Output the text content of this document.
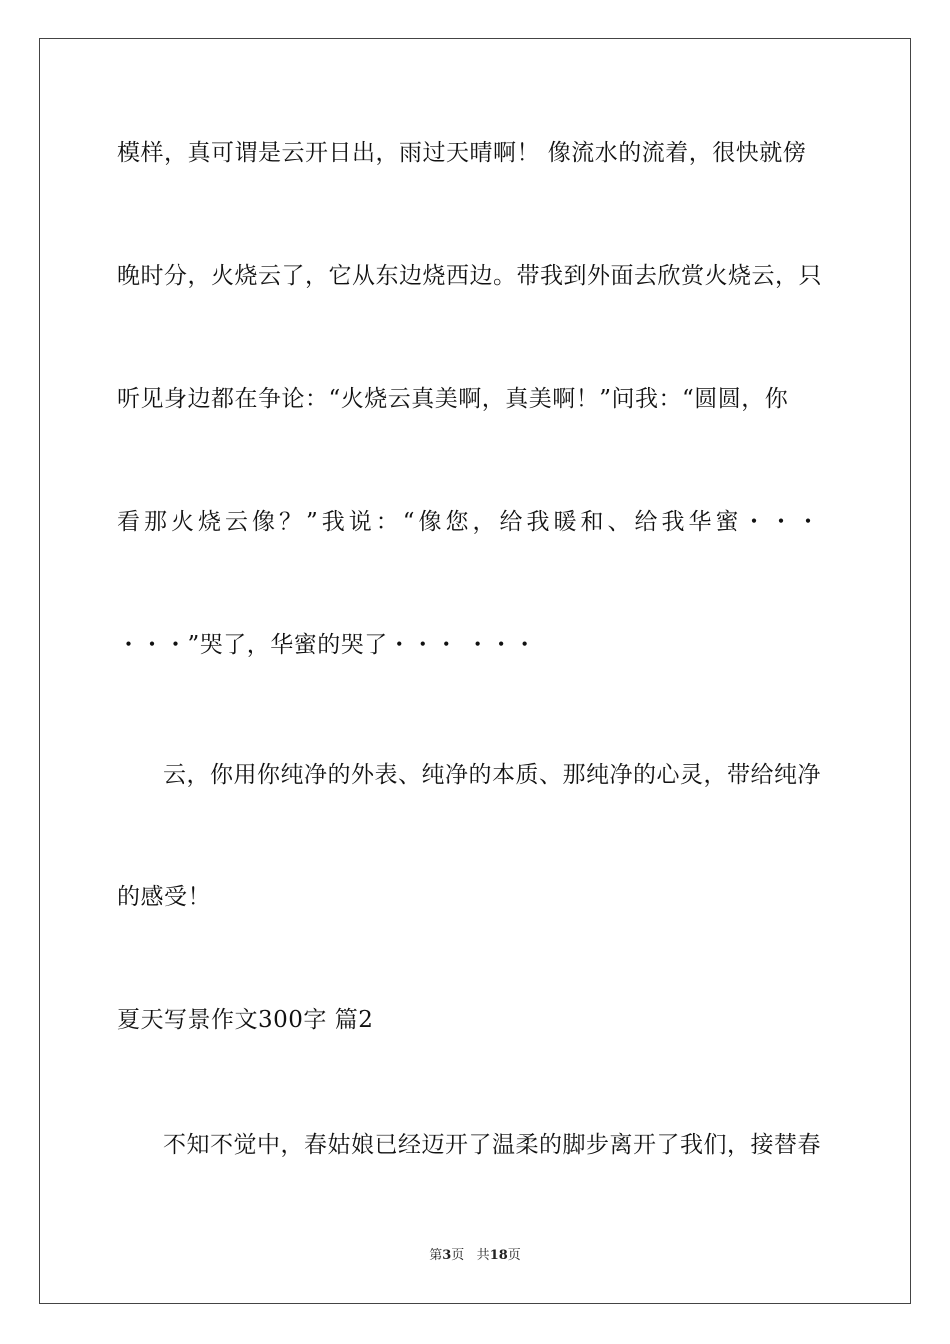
模样，真可谓是云开日出，雨过天晴啊！ 像流水的流着，很快就傍
晚时分，火烧云了，它从东边烧西边。带我到外面去欣赏火烧云，只
听见身边都在争论：“火烧云真美啊，真美啊！”问我：“圆圆，你
看那火烧云像？”我说：“像您，给我暖和、给我华蜜・・・
・・・”哭了，华蜜的哭了・・・ ・・・
云，你用你纯净的外表、纯净的本质、那纯净的心灵，带给纯净
的感受！
夏天写景作文300字 篇2
不知不觉中，春姑娘已经迈开了温柔的脚步离开了我们，接替春
第3页 共18页
